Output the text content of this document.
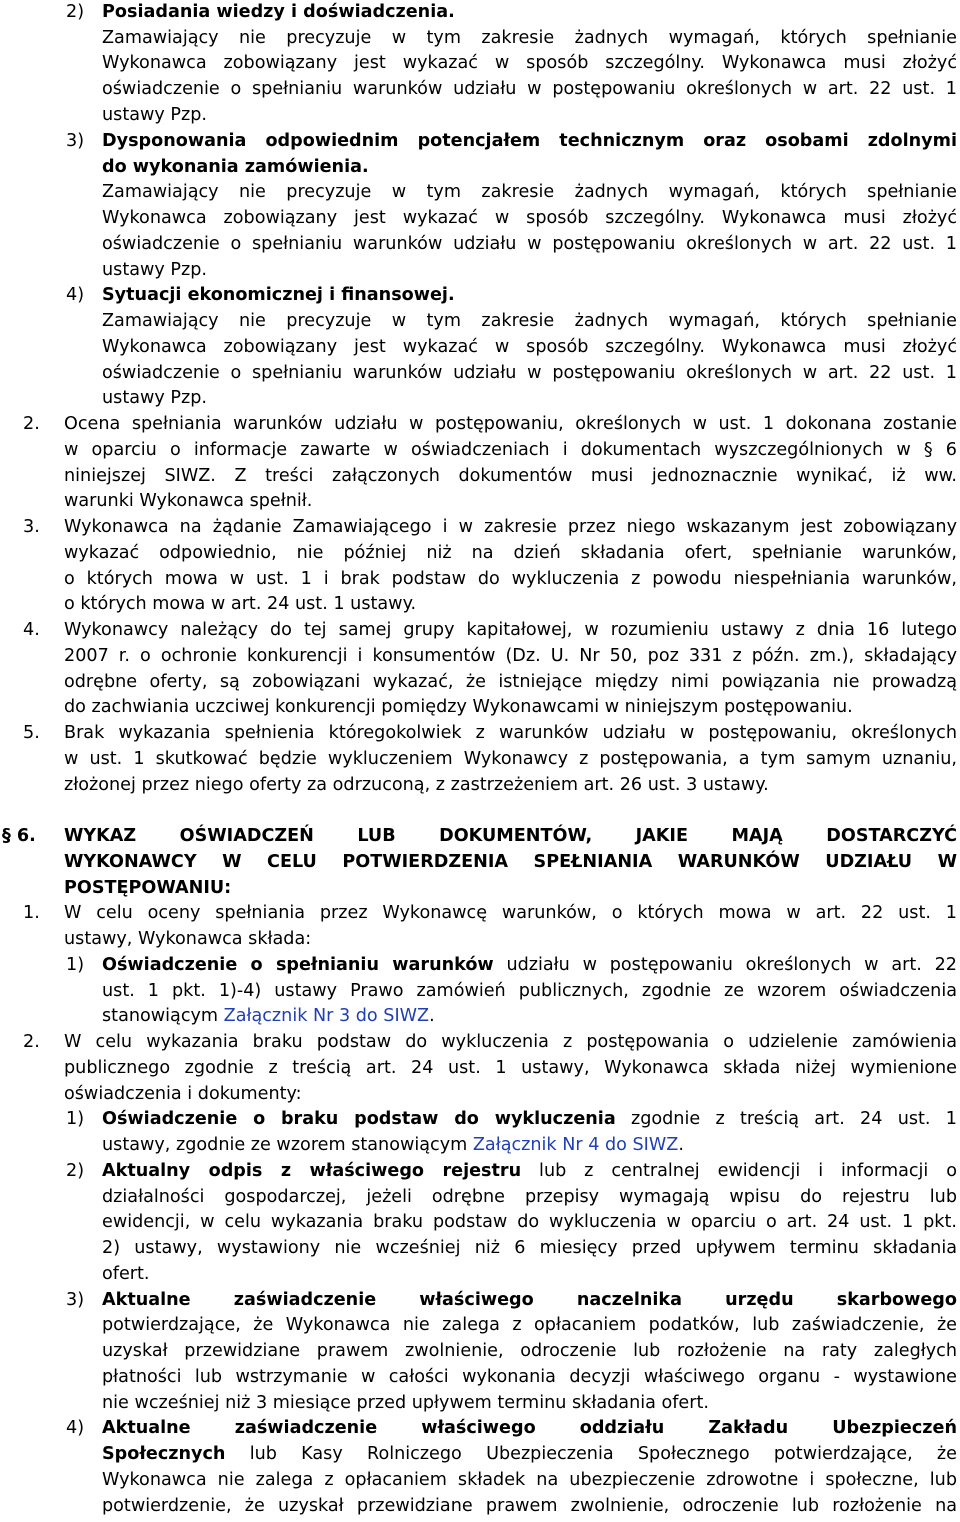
2) Posiadania wiedzy i doświadczenia.
Zamawiający nie precyzuje w tym zakresie żadnych wymagań, których spełnianie
Wykonawca zobowiązany jest wykazać w sposób szczególny. Wykonawca musi złożyć
oświadczenie o spełnianiu warunków udziału w postępowaniu określonych w art. 22 ust. 1
ustawy Pzp.
3) Dysponowania odpowiednim potencjałem technicznym oraz osobami zdolnymi
do wykonania zamówienia.
Zamawiający nie precyzuje w tym zakresie żadnych wymagań, których spełnianie
Wykonawca zobowiązany jest wykazać w sposób szczególny. Wykonawca musi złożyć
oświadczenie o spełnianiu warunków udziału w postępowaniu określonych w art. 22 ust. 1
ustawy Pzp.
4) Sytuacji ekonomicznej i finansowej.
Zamawiający nie precyzuje w tym zakresie żadnych wymagań, których spełnianie
Wykonawca zobowiązany jest wykazać w sposób szczególny. Wykonawca musi złożyć
oświadczenie o spełnianiu warunków udziału w postępowaniu określonych w art. 22 ust. 1
ustawy Pzp.
2. Ocena spełniania warunków udziału w postępowaniu, określonych w ust. 1 dokonana zostanie
w oparciu o informacje zawarte w oświadczeniach i dokumentach wyszczególnionych w § 6
niniejszej SIWZ. Z treści załączonych dokumentów musi jednoznacznie wynikać, iż ww.
warunki Wykonawca spełnił.
3. Wykonawca na żądanie Zamawiającego i w zakresie przez niego wskazanym jest zobowiązany
wykazać odpowiednio, nie później niż na dzień składania ofert, spełnianie warunków,
o których mowa w ust. 1 i brak podstaw do wykluczenia z powodu niespełniania warunków,
o których mowa w art. 24 ust. 1 ustawy.
4. Wykonawcy należący do tej samej grupy kapitałowej, w rozumieniu ustawy z dnia 16 lutego
2007 r. o ochronie konkurencji i konsumentów (Dz. U. Nr 50, poz 331 z późn. zm.), składający
odrębne oferty, są zobowiązani wykazać, że istniejące między nimi powiązania nie prowadzą
do zachwiania uczciwej konkurencji pomiędzy Wykonawcami w niniejszym postępowaniu.
5. Brak wykazania spełnienia któregokolwiek z warunków udziału w postępowaniu, określonych
w ust. 1 skutkować będzie wykluczeniem Wykonawcy z postępowania, a tym samym uznaniu,
złożonej przez niego oferty za odrzuconą, z zastrzeżeniem art. 26 ust. 3 ustawy.
§ 6. WYKAZ OŚWIADCZEŃ LUB DOKUMENTÓW, JAKIE MAJĄ DOSTARCZYĆ
WYKONAWCY W CELU POTWIERDZENIA SPEŁNIANIA WARUNKÓW UDZIAŁU W
POSTĘPOWANIU:
1. W celu oceny spełniania przez Wykonawcę warunków, o których mowa w art. 22 ust. 1
ustawy, Wykonawca składa:
1) Oświadczenie o spełnianiu warunków udziału w postępowaniu określonych w art. 22
ust. 1 pkt. 1)-4) ustawy Prawo zamówień publicznych, zgodnie ze wzorem oświadczenia
stanowiącym Załącznik Nr 3 do SIWZ.
2. W celu wykazania braku podstaw do wykluczenia z postępowania o udzielenie zamówienia
publicznego zgodnie z treścią art. 24 ust. 1 ustawy, Wykonawca składa niżej wymienione
oświadczenia i dokumenty:
1) Oświadczenie o braku podstaw do wykluczenia zgodnie z treścią art. 24 ust. 1
ustawy, zgodnie ze wzorem stanowiącym Załącznik Nr 4 do SIWZ.
2) Aktualny odpis z właściwego rejestru lub z centralnej ewidencji i informacji o
działalności gospodarczej, jeżeli odrębne przepisy wymagają wpisu do rejestru lub
ewidencji, w celu wykazania braku podstaw do wykluczenia w oparciu o art. 24 ust. 1 pkt.
2) ustawy, wystawiony nie wcześniej niż 6 miesięcy przed upływem terminu składania
ofert.
3) Aktualne zaświadczenie właściwego naczelnika urzędu skarbowego
potwierdzające, że Wykonawca nie zalega z opłacaniem podatków, lub zaświadczenie, że
uzyskał przewidziane prawem zwolnienie, odroczenie lub rozłożenie na raty zaległych
płatności lub wstrzymanie w całości wykonania decyzji właściwego organu - wystawione
nie wcześniej niż 3 miesiące przed upływem terminu składania ofert.
4) Aktualne zaświadczenie właściwego oddziału Zakładu Ubezpieczeń
Społecznych lub Kasy Rolniczego Ubezpieczenia Społecznego potwierdzające, że
Wykonawca nie zalega z opłacaniem składek na ubezpieczenie zdrowotne i społeczne, lub
potwierdzenie, że uzyskał przewidziane prawem zwolnienie, odroczenie lub rozłożenie na
